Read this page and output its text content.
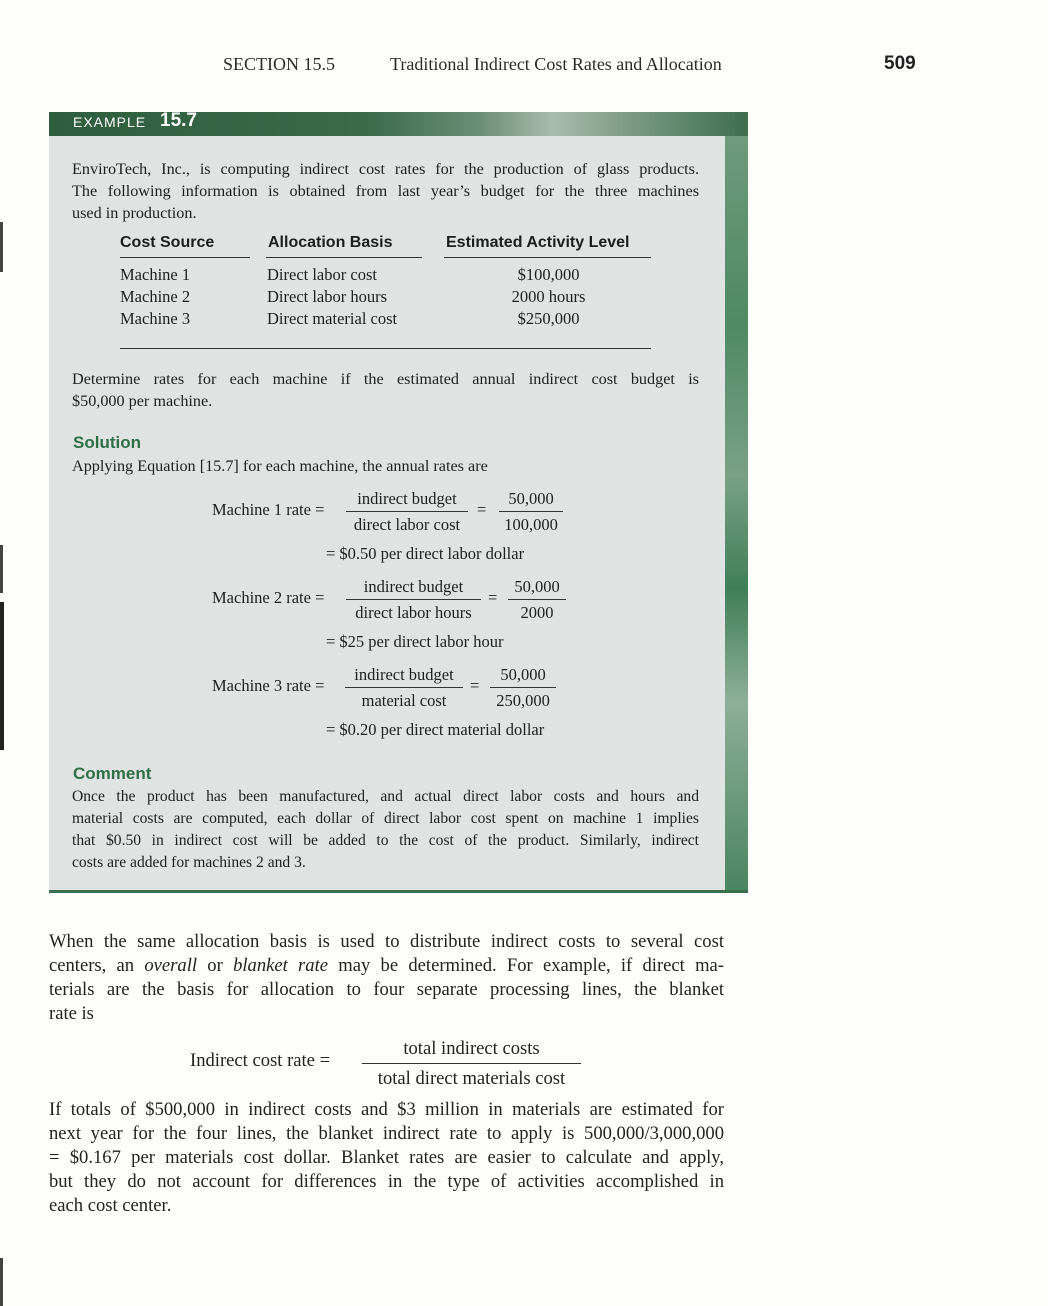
SECTION 15.5	Traditional Indirect Cost Rates and Allocation	509
EXAMPLE 15.7
EnviroTech, Inc., is computing indirect cost rates for the production of glass products.
The following information is obtained from last year’s budget for the three machines
used in production.
Cost Source	Allocation Basis	Estimated Activity Level
Machine 1	Direct labor cost	$100,000
Machine 2	Direct labor hours	2000 hours
Machine 3	Direct material cost	$250,000
Determine rates for each machine if the estimated annual indirect cost budget is
$50,000 per machine.
Solution
Applying Equation [15.7] for each machine, the annual rates are
Machine 1 rate =
indirect budget
direct labor cost
=
50,000
100,000
= $0.50 per direct labor dollar
Machine 2 rate =
indirect budget
direct labor hours
=
50,000
2000
= $25 per direct labor hour
Machine 3 rate =
indirect budget
material cost
=
50,000
250,000
= $0.20 per direct material dollar
Comment
Once the product has been manufactured, and actual direct labor costs and hours and
material costs are computed, each dollar of direct labor cost spent on machine 1 implies
that $0.50 in indirect cost will be added to the cost of the product. Similarly, indirect
costs are added for machines 2 and 3.
When the same allocation basis is used to distribute indirect costs to several cost
centers, an overall or blanket rate may be determined. For example, if direct ma-
terials are the basis for allocation to four separate processing lines, the blanket
rate is
Indirect cost rate =
total indirect costs
total direct materials cost
If totals of $500,000 in indirect costs and $3 million in materials are estimated for
next year for the four lines, the blanket indirect rate to apply is 500,000/3,000,000
= $0.167 per materials cost dollar. Blanket rates are easier to calculate and apply,
but they do not account for differences in the type of activities accomplished in
each cost center.
